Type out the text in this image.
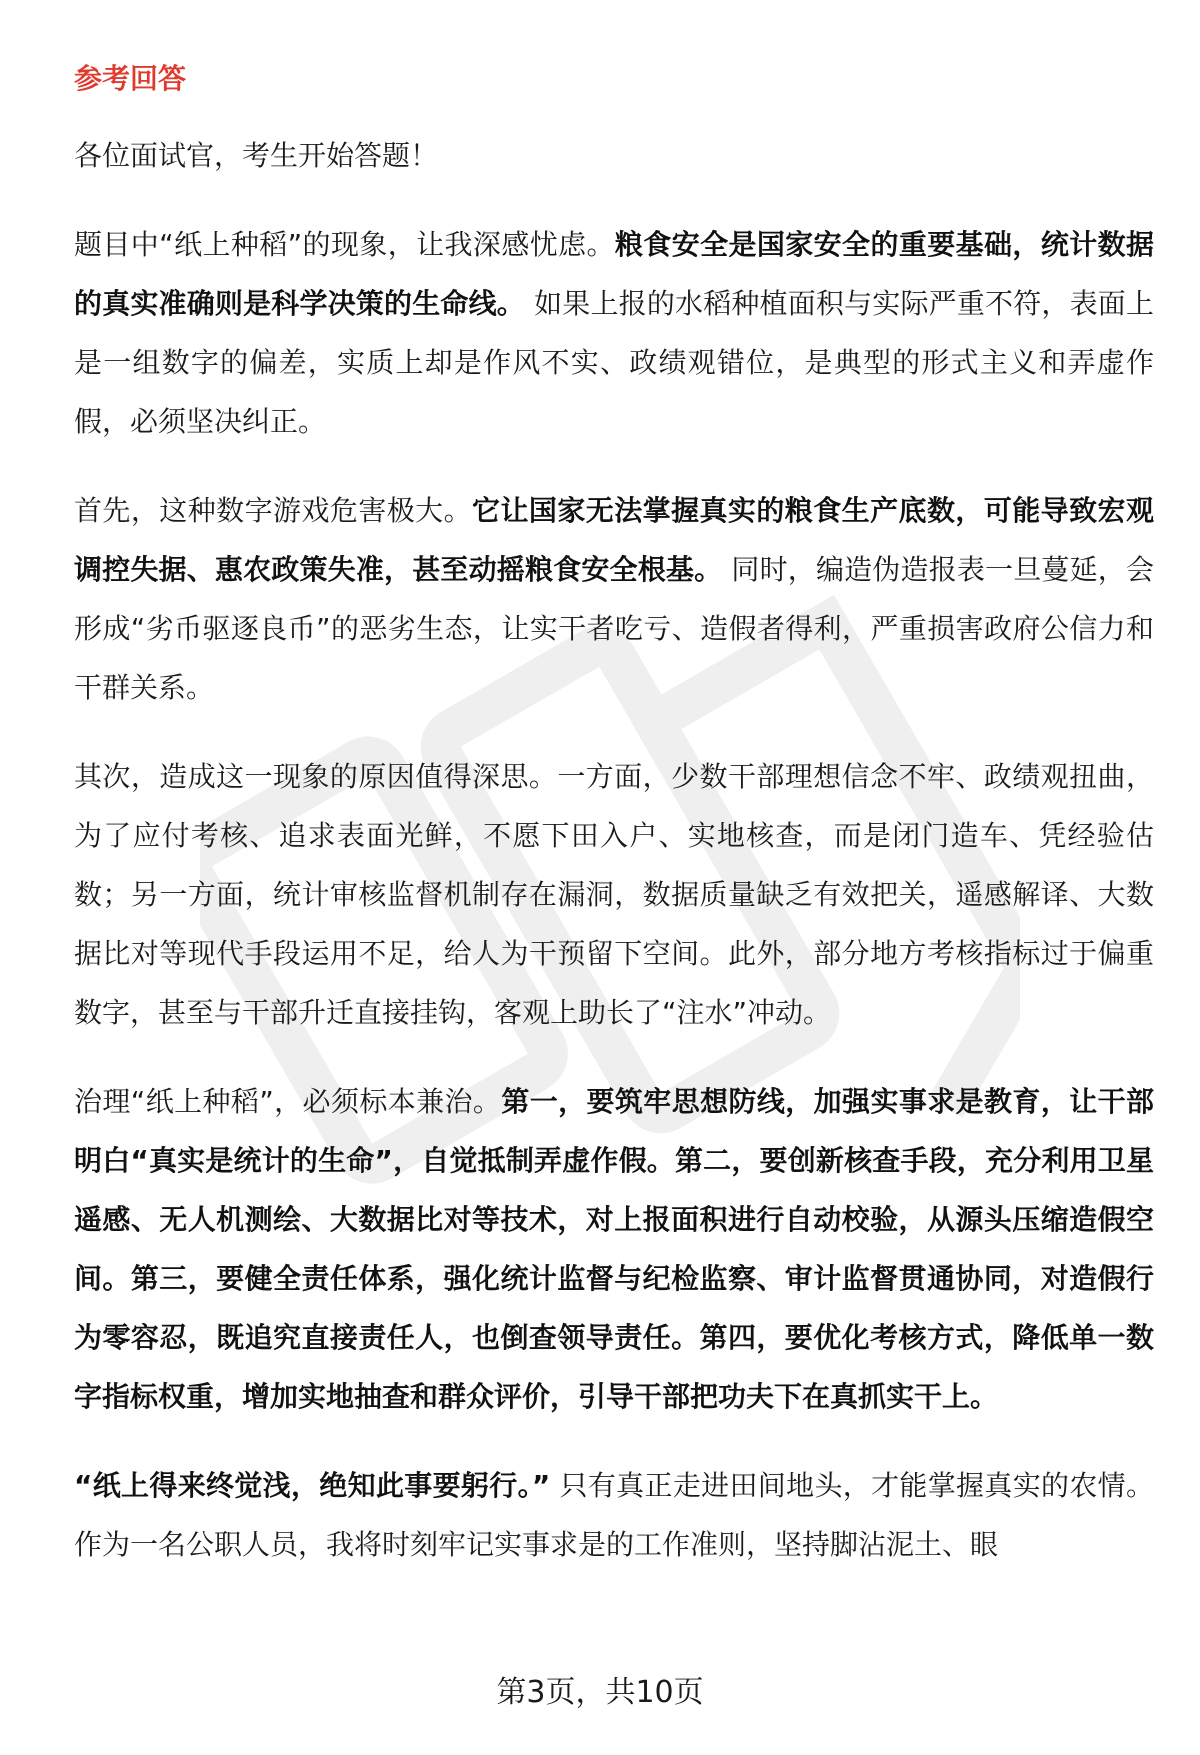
参考回答

各位面试官，考生开始答题！

题目中“纸上种稻”的现象，让我深感忧虑。粮食安全是国家安全的重要基础，统计数据的真实准确则是科学决策的生命线。 如果上报的水稻种植面积与实际严重不符，表面上是一组数字的偏差，实质上却是作风不实、政绩观错位，是典型的形式主义和弄虚作假，必须坚决纠正。

首先，这种数字游戏危害极大。它让国家无法掌握真实的粮食生产底数，可能导致宏观调控失据、惠农政策失准，甚至动摇粮食安全根基。 同时，编造伪造报表一旦蔓延，会形成“劣币驱逐良币”的恶劣生态，让实干者吃亏、造假者得利，严重损害政府公信力和干群关系。

其次，造成这一现象的原因值得深思。一方面，少数干部理想信念不牢、政绩观扭曲，为了应付考核、追求表面光鲜，不愿下田入户、实地核查，而是闭门造车、凭经验估数；另一方面，统计审核监督机制存在漏洞，数据质量缺乏有效把关，遥感解译、大数据比对等现代手段运用不足，给人为干预留下空间。此外，部分地方考核指标过于偏重数字，甚至与干部升迁直接挂钩，客观上助长了“注水”冲动。

治理“纸上种稻”，必须标本兼治。第一，要筑牢思想防线，加强实事求是教育，让干部明白“真实是统计的生命”，自觉抵制弄虚作假。第二，要创新核查手段，充分利用卫星遥感、无人机测绘、大数据比对等技术，对上报面积进行自动校验，从源头压缩造假空间。第三，要健全责任体系，强化统计监督与纪检监察、审计监督贯通协同，对造假行为零容忍，既追究直接责任人，也倒查领导责任。第四，要优化考核方式，降低单一数字指标权重，增加实地抽查和群众评价，引导干部把功夫下在真抓实干上。

“纸上得来终觉浅，绝知此事要躬行。” 只有真正走进田间地头，才能掌握真实的农情。作为一名公职人员，我将时刻牢记实事求是的工作准则，坚持脚沾泥土、眼

第3页，共10页
